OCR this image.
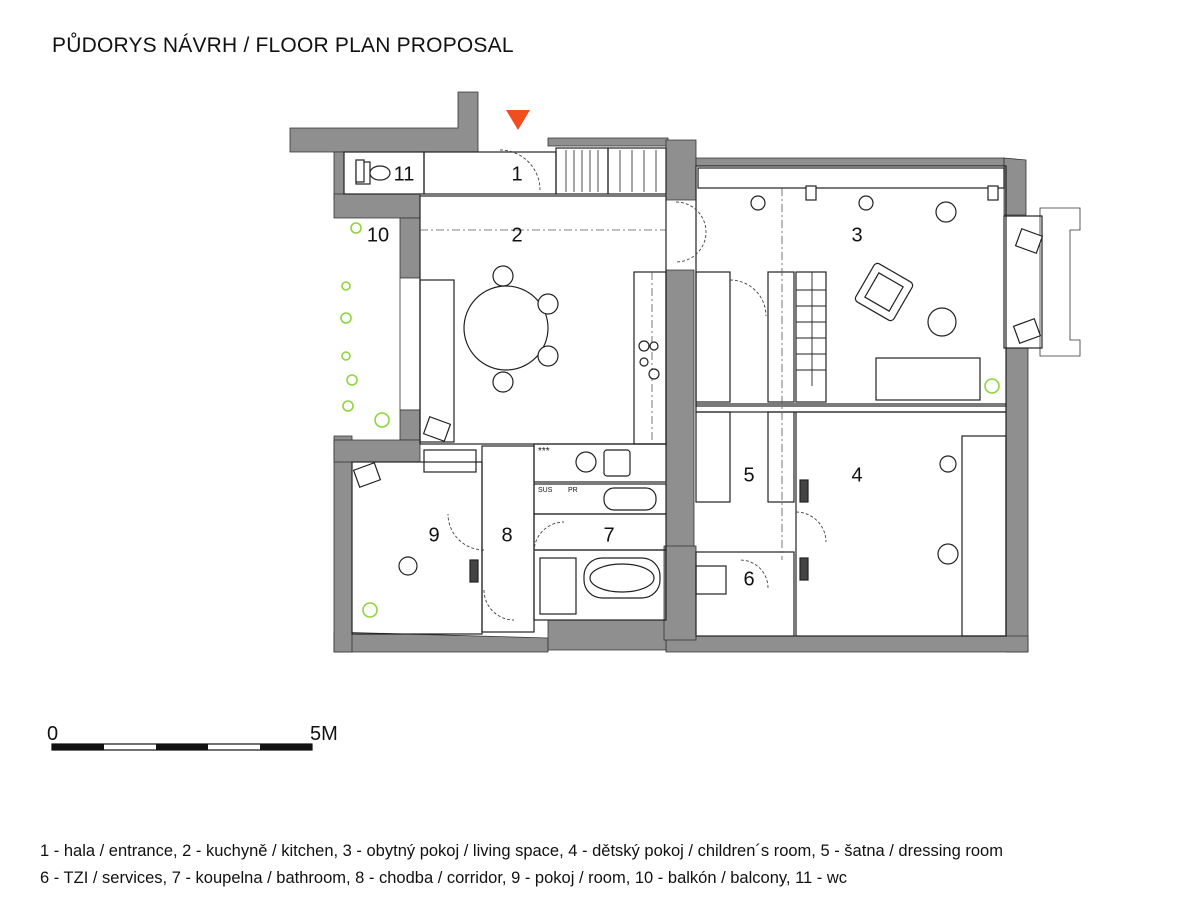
PŮDORYS NÁVRH / FLOOR PLAN PROPOSAL
1
2	3
4
5
6
7
8
9
10
11
***
SUS PR
0	5M
1 - hala / entrance, 2 - kuchyně / kitchen, 3 - obytný pokoj / living space, 4 - dětský pokoj / children´s room, 5 - šatna / dressing room
6 - TZI / services, 7 - koupelna / bathroom, 8 - chodba / corridor, 9 - pokoj / room, 10 - balkón / balcony, 11 - wc
